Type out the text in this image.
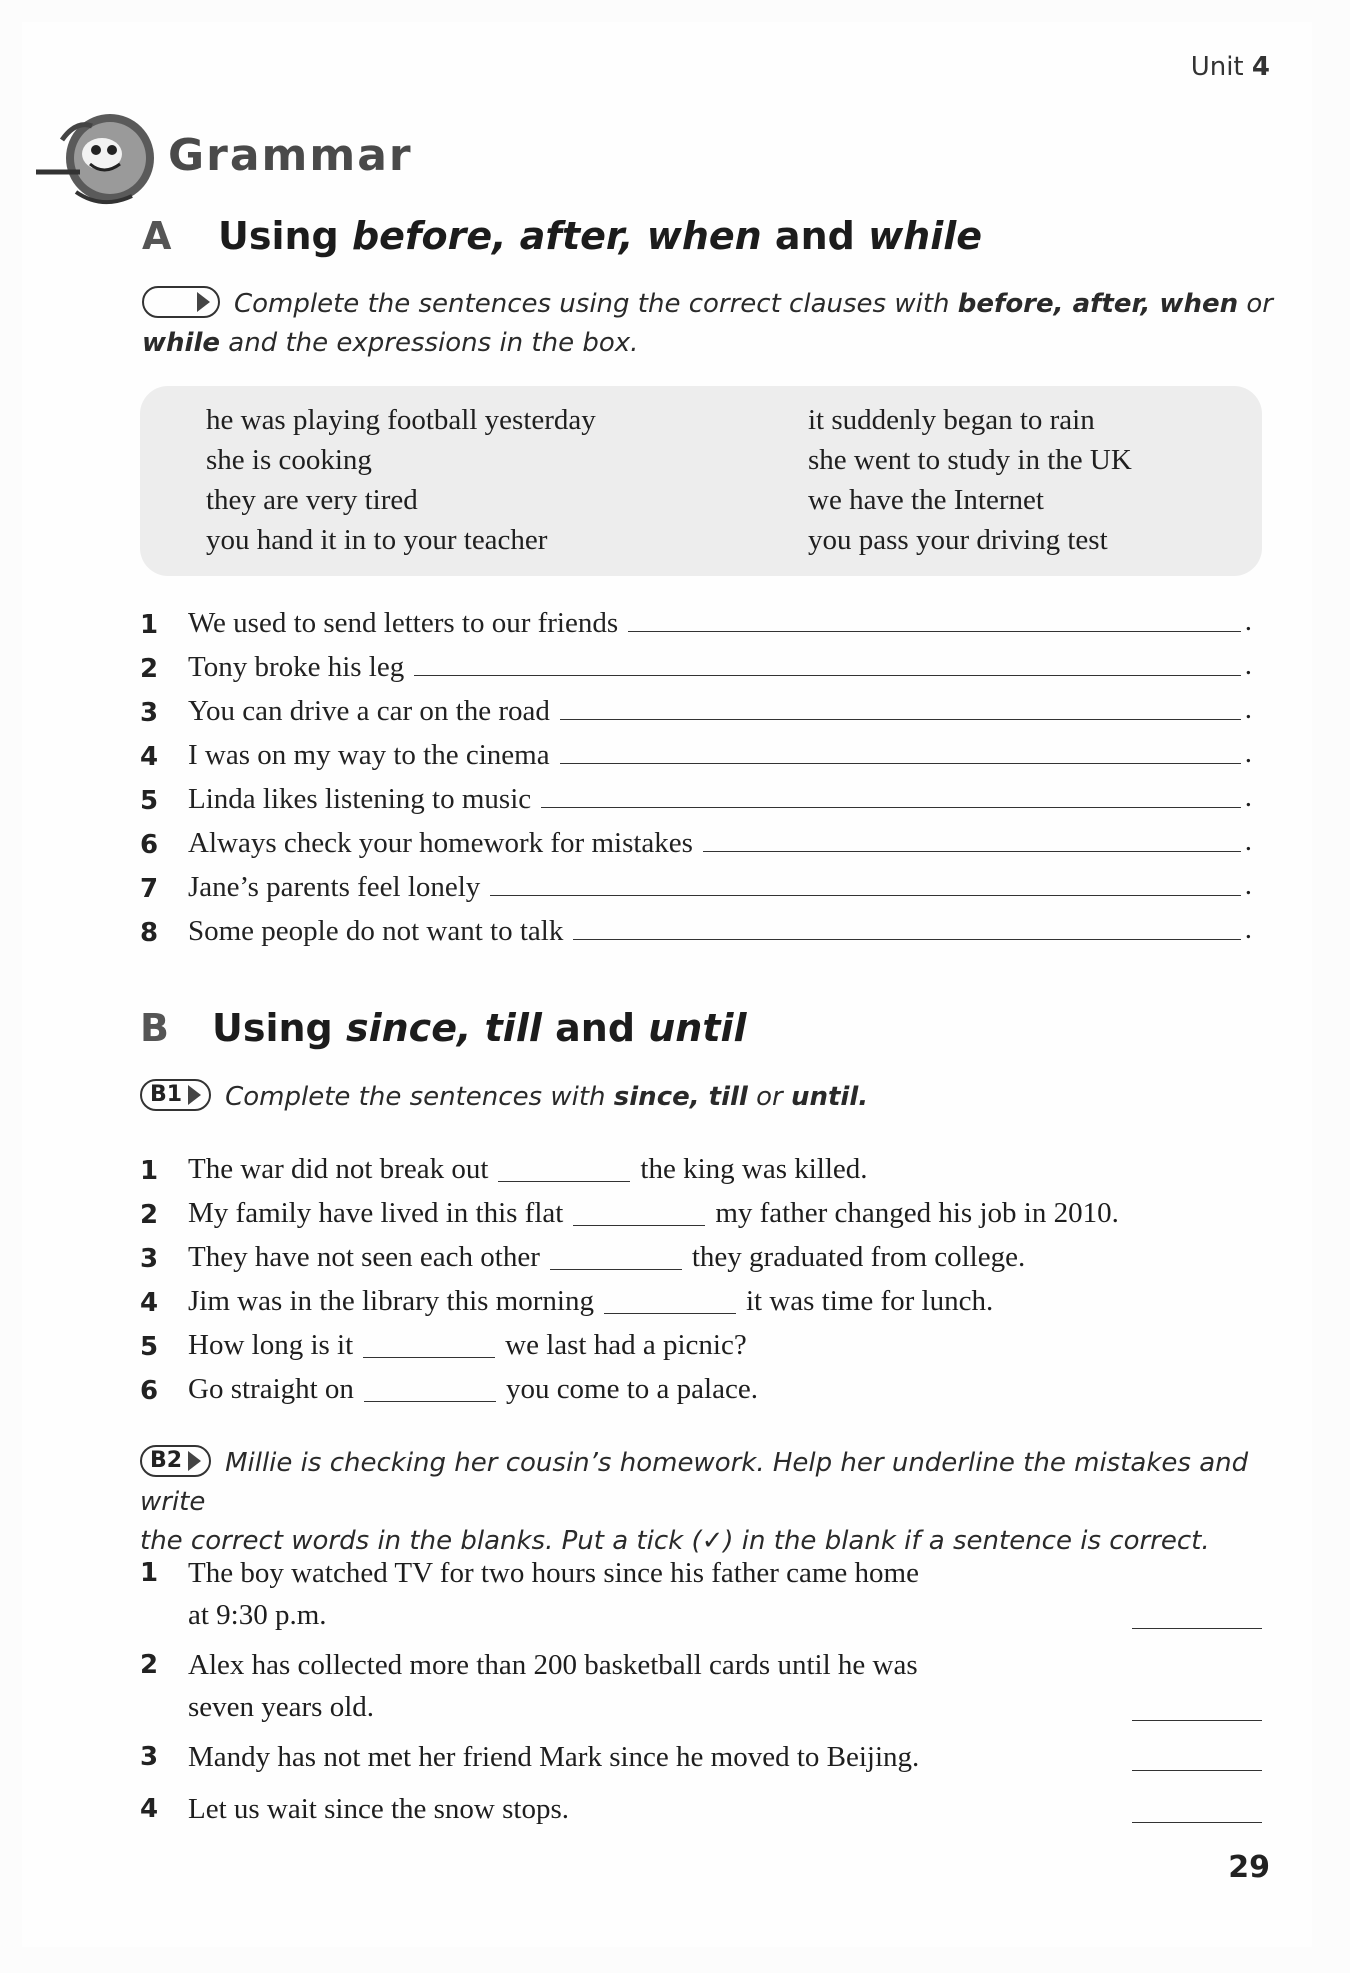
Unit 4
Grammar
A Using before, after, when and while
Complete the sentences using the correct clauses with before, after, when or
while and the expressions in the box.
he was playing football yesterday
she is cooking
they are very tired
you hand it in to your teacher
it suddenly began to rain
she went to study in the UK
we have the Internet
you pass your driving test
1	We used to send letters to our friends	.
2	Tony broke his leg	.
3	You can drive a car on the road	.
4	I was on my way to the cinema	.
5	Linda likes listening to music	.
6	Always check your homework for mistakes	.
7	Jane’s parents feel lonely	.
8	Some people do not want to talk	.
B Using since, till and until
B1 Complete the sentences with since, till or until.
1	The war did not break out	the king was killed.
2	My family have lived in this flat	my father changed his job in 2010.
3	They have not seen each other	they graduated from college.
4	Jim was in the library this morning	it was time for lunch.
5	How long is it	we last had a picnic?
6	Go straight on	you come to a palace.
B2 Millie is checking her cousin’s homework. Help her underline the mistakes and write
the correct words in the blanks. Put a tick (✓) in the blank if a sentence is correct.
1	The boy watched TV for two hours since his father came home
at 9:30 p.m.
2	Alex has collected more than 200 basketball cards until he was
seven years old.
3	Mandy has not met her friend Mark since he moved to Beijing.
4	Let us wait since the snow stops.
29
